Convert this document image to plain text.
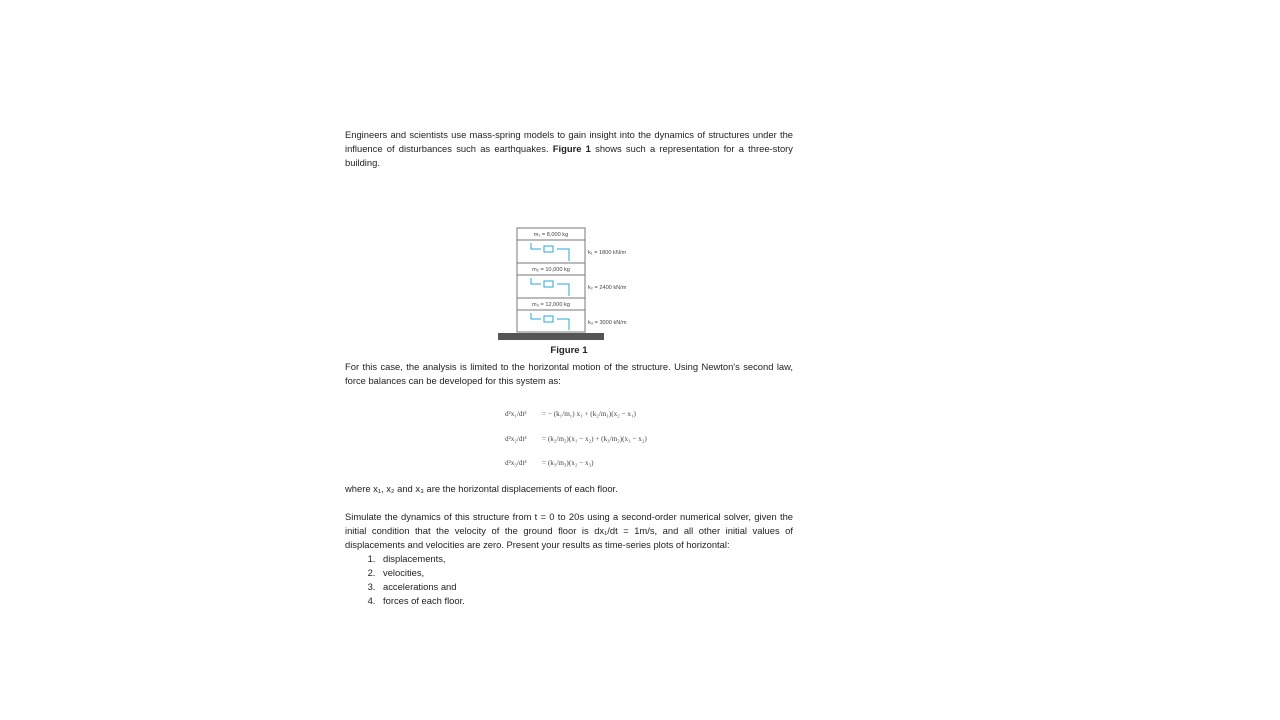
Engineers and scientists use mass-spring models to gain insight into the dynamics of structures under the influence of disturbances such as earthquakes. Figure 1 shows such a representation for a three-story building.

m₁ = 8,000 kg
m₂ = 10,000 kg
m₃ = 12,000 kg
k₁ = 1800 kN/m
k₂ = 2400 kN/m
k₃ = 3000 kN/m
Figure 1

For this case, the analysis is limited to the horizontal motion of the structure. Using Newton's second law, force balances can be developed for this system as:

d²x₁/dt² = − (k₁/m₁) x₁ + (k₂/m₁)(x₂ − x₁)
d²x₂/dt² = (k₂/m₂)(x₁ − x₂) + (k₃/m₂)(x₃ − x₂)
d²x₃/dt² = (k₃/m₃)(x₂ − x₃)

where x₁, x₂ and x₃ are the horizontal displacements of each floor.

Simulate the dynamics of this structure from t = 0 to 20s using a second-order numerical solver, given the initial condition that the velocity of the ground floor is dx₁/dt = 1m/s, and all other initial values of displacements and velocities are zero. Present your results as time-series plots of horizontal:

1. displacements,
2. velocities,
3. accelerations and
4. forces of each floor.
